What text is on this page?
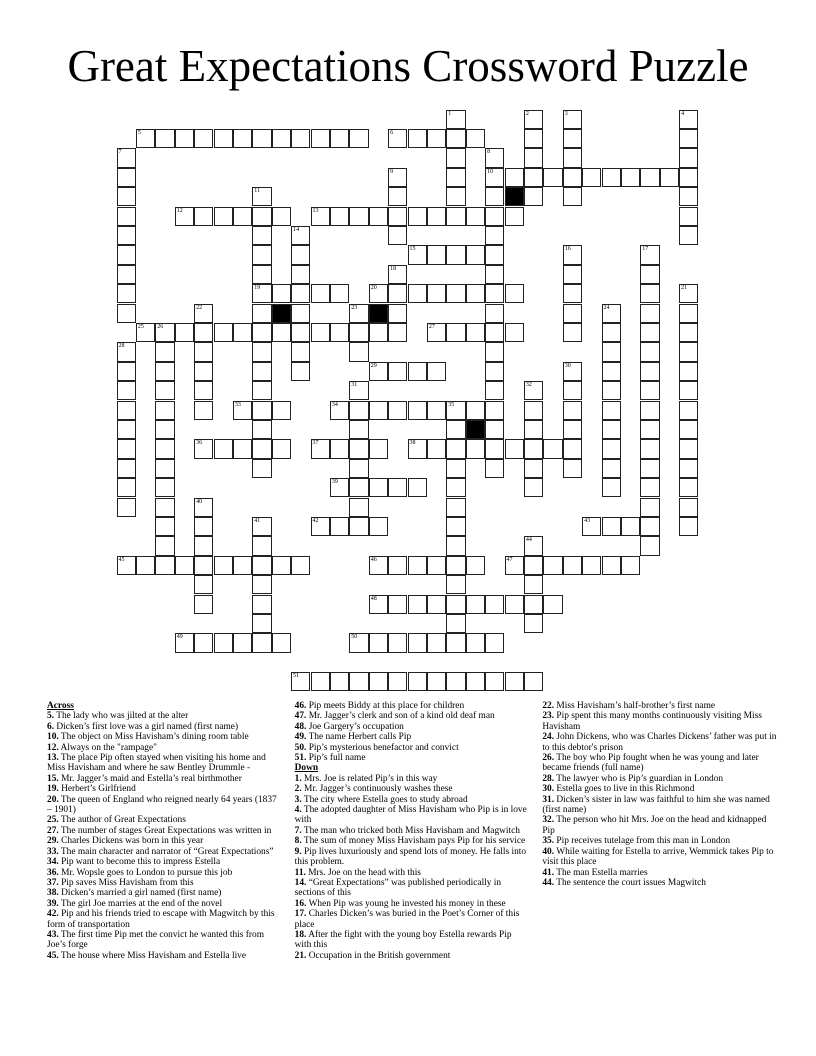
Great Expectations Crossword Puzzle
5	6
10
12	13
15
19	20
25 26	27
29
33	34	35
36	37	38
39
42	43
45	46	47
48
49	50
51
1	2	3	4
7	8
9
11
14
16	17
18
21
22	23	24
28
30
31	32
40
41
44
Across
5. The lady who was jilted at the alter
6. Dicken’s first love was a girl named (first name)
10. The object on Miss Havisham’s dining room table
12. Always on the "rampage"
13. The place Pip often stayed when visiting his home and Miss Havisham and where he saw Bentley Drummle -
15. Mr. Jagger’s maid and Estella’s real birthmother
19. Herbert’s Girlfriend
20. The queen of England who reigned nearly 64 years (1837 – 1901)
25. The author of Great Expectations
27. The number of stages Great Expectations was written in
29. Charles Dickens was born in this year
33. The main character and narrator of “Great Expectations”
34. Pip want to become this to impress Estella
36. Mr. Wopsle goes to London to pursue this job
37. Pip saves Miss Havisham from this
38. Dicken’s married a girl named (first name)
39. The girl Joe marries at the end of the novel
42. Pip and his friends tried to escape with Magwitch by this form of transportation
43. The first time Pip met the convict he wanted this from Joe’s forge
45. The house where Miss Havisham and Estella live
46. Pip meets Biddy at this place for children
47. Mr. Jagger’s clerk and son of a kind old deaf man
48. Joe Gargery’s occupation
49. The name Herbert calls Pip
50. Pip’s mysterious benefactor and convict
51. Pip’s full name
Down
1. Mrs. Joe is related Pip’s in this way
2. Mr. Jagger’s continuously washes these
3. The city where Estella goes to study abroad
4. The adopted daughter of Miss Havisham who Pip is in love with
7. The man who tricked both Miss Havisham and Magwitch
8. The sum of money Miss Havisham pays Pip for his service
9. Pip lives luxuriously and spend lots of money. He falls into this problem.
11. Mrs. Joe on the head with this
14. “Great Expectations” was published periodically in sections of this
16. When Pip was young he invested his money in these
17. Charles Dicken’s was buried in the Poet’s Corner of this place
18. After the fight with the young boy Estella rewards Pip with this
21. Occupation in the British government
22. Miss Havisham’s half-brother’s first name
23. Pip spent this many months continuously visiting Miss Havisham
24. John Dickens, who was Charles Dickens’ father was put in to this debtor's prison
26. The boy who Pip fought when he was young and later became friends (full name)
28. The lawyer who is Pip’s guardian in London
30. Estella goes to live in this Richmond
31. Dicken’s sister in law was faithful to him she was named (first name)
32. The person who hit Mrs. Joe on the head and kidnapped Pip
35. Pip receives tutelage from this man in London
40. While waiting for Estella to arrive, Wemmick takes Pip to visit this place
41. The man Estella marries
44. The sentence the court issues Magwitch
